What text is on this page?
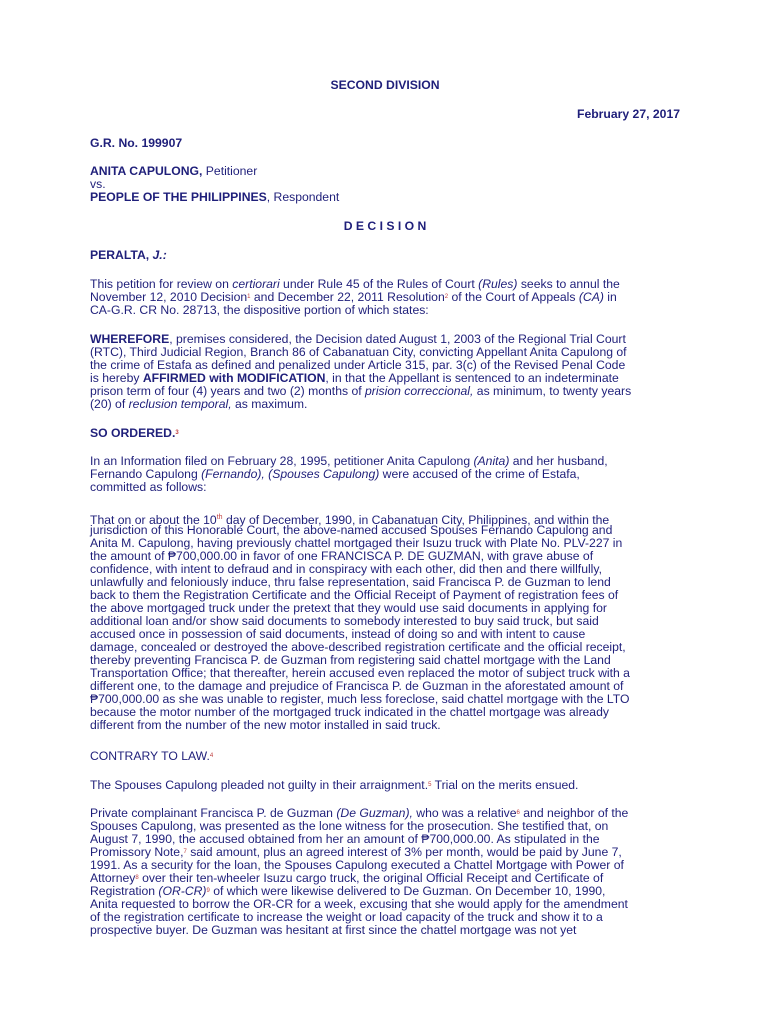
SECOND DIVISION
February 27, 2017
G.R. No. 199907
ANITA CAPULONG, Petitioner
vs.
PEOPLE OF THE PHILIPPINES, Respondent
D E C I S I O N
PERALTA, J.:
This petition for review on certiorari under Rule 45 of the Rules of Court (Rules) seeks to annul the
November 12, 2010 Decision$^1$ and December 22, 2011 Resolution$^2$ of the Court of Appeals (CA) in
CA-G.R. CR No. 28713, the dispositive portion of which states:
WHEREFORE, premises considered, the Decision dated August 1, 2003 of the Regional Trial Court
(RTC), Third Judicial Region, Branch 86 of Cabanatuan City, convicting Appellant Anita Capulong of
the crime of Estafa as defined and penalized under Article 315, par. 3(c) of the Revised Penal Code
is hereby AFFIRMED with MODIFICATION, in that the Appellant is sentenced to an indeterminate
prison term of four (4) years and two (2) months of prision correccional, as minimum, to twenty years
(20) of reclusion temporal, as maximum.
SO ORDERED.$^3$
In an Information filed on February 28, 1995, petitioner Anita Capulong (Anita) and her husband,
Fernando Capulong (Fernando), (Spouses Capulong) were accused of the crime of Estafa,
committed as follows:
That on or about the 10th day of December, 1990, in Cabanatuan City, Philippines, and within the
jurisdiction of this Honorable Court, the above-named accused Spouses Fernando Capulong and
Anita M. Capulong, having previously chattel mortgaged their Isuzu truck with Plate No. PLV-227 in
the amount of ₱700,000.00 in favor of one FRANCISCA P. DE GUZMAN, with grave abuse of
confidence, with intent to defraud and in conspiracy with each other, did then and there willfully,
unlawfully and feloniously induce, thru false representation, said Francisca P. de Guzman to lend
back to them the Registration Certificate and the Official Receipt of Payment of registration fees of
the above mortgaged truck under the pretext that they would use said documents in applying for
additional loan and/or show said documents to somebody interested to buy said truck, but said
accused once in possession of said documents, instead of doing so and with intent to cause
damage, concealed or destroyed the above-described registration certificate and the official receipt,
thereby preventing Francisca P. de Guzman from registering said chattel mortgage with the Land
Transportation Office; that thereafter, herein accused even replaced the motor of subject truck with a
different one, to the damage and prejudice of Francisca P. de Guzman in the aforestated amount of
₱700,000.00 as she was unable to register, much less foreclose, said chattel mortgage with the LTO
because the motor number of the mortgaged truck indicated in the chattel mortgage was already
different from the number of the new motor installed in said truck.
CONTRARY TO LAW.$^4$
The Spouses Capulong pleaded not guilty in their arraignment.$^5$ Trial on the merits ensued.
Private complainant Francisca P. de Guzman (De Guzman), who was a relative$^6$ and neighbor of the
Spouses Capulong, was presented as the lone witness for the prosecution. She testified that, on
August 7, 1990, the accused obtained from her an amount of ₱700,000.00. As stipulated in the
Promissory Note,$^7$ said amount, plus an agreed interest of 3% per month, would be paid by June 7,
1991. As a security for the loan, the Spouses Capulong executed a Chattel Mortgage with Power of
Attorney$^8$ over their ten-wheeler Isuzu cargo truck, the original Official Receipt and Certificate of
Registration (OR-CR)$^9$ of which were likewise delivered to De Guzman. On December 10, 1990,
Anita requested to borrow the OR-CR for a week, excusing that she would apply for the amendment
of the registration certificate to increase the weight or load capacity of the truck and show it to a
prospective buyer. De Guzman was hesitant at first since the chattel mortgage was not yet
